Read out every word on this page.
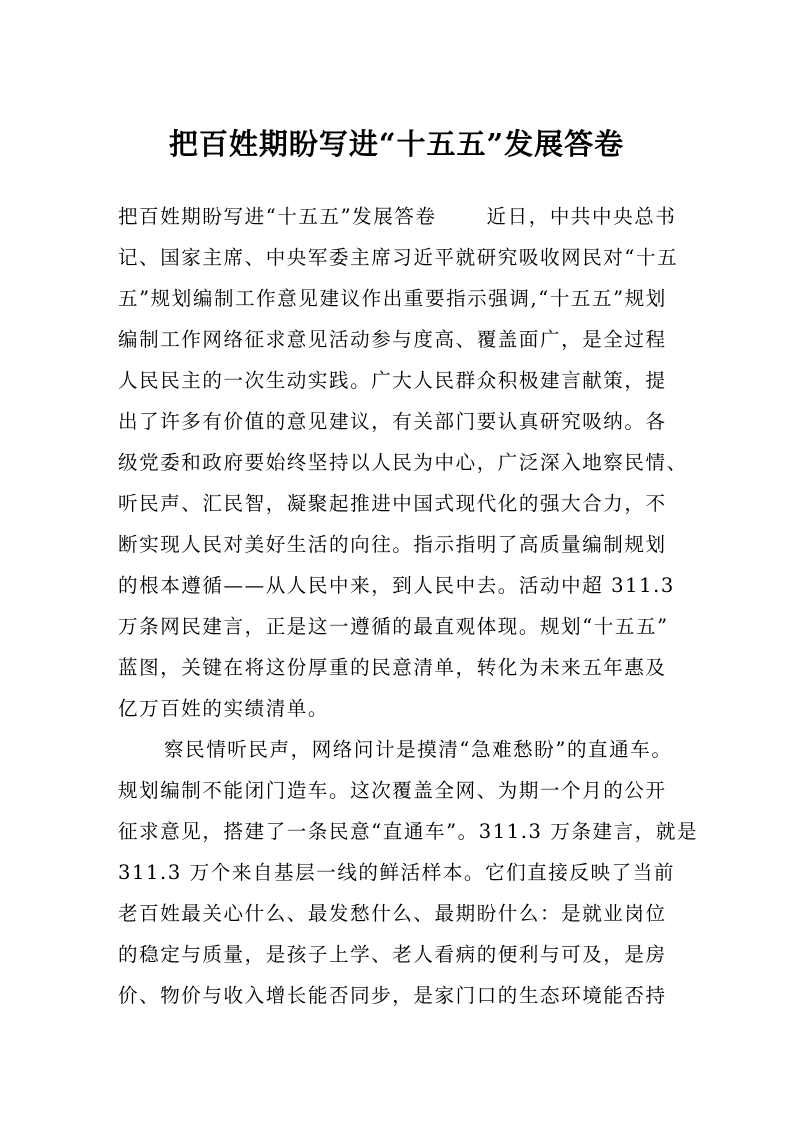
把百姓期盼写进“十五五”发展答卷

把百姓期盼写进“十五五”发展答卷　　 近日，中共中央总书
记、国家主席、中央军委主席习近平就研究吸收网民对“十五
五”规划编制工作意见建议作出重要指示强调,“十五五”规划
编制工作网络征求意见活动参与度高、覆盖面广，是全过程
人民民主的一次生动实践。广大人民群众积极建言献策，提
出了许多有价值的意见建议，有关部门要认真研究吸纳。各
级党委和政府要始终坚持以人民为中心，广泛深入地察民情、
听民声、汇民智，凝聚起推进中国式现代化的强大合力，不
断实现人民对美好生活的向往。指示指明了高质量编制规划
的根本遵循——从人民中来，到人民中去。活动中超 311.3
万条网民建言，正是这一遵循的最直观体现。规划“十五五”
蓝图，关键在将这份厚重的民意清单，转化为未来五年惠及
亿万百姓的实绩清单。

察民情听民声，网络问计是摸清“急难愁盼”的直通车。
规划编制不能闭门造车。这次覆盖全网、为期一个月的公开
征求意见，搭建了一条民意“直通车”。311.3 万条建言，就是
311.3 万个来自基层一线的鲜活样本。它们直接反映了当前
老百姓最关心什么、最发愁什么、最期盼什么：是就业岗位
的稳定与质量，是孩子上学、老人看病的便利与可及，是房
价、物价与收入增长能否同步，是家门口的生态环境能否持
